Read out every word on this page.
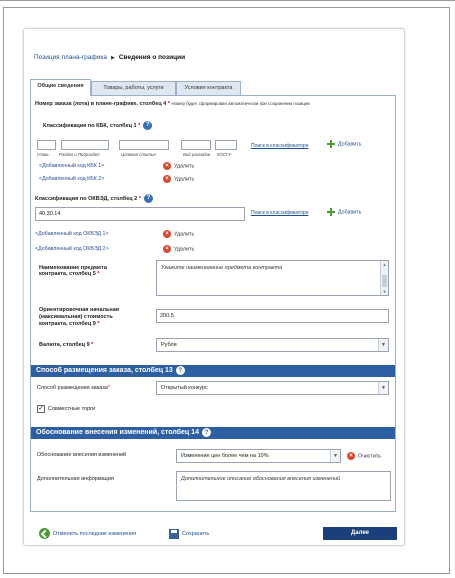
Позиция плана-графика ▶ Сведения о позиции
Общие сведения	Товары, работы, услуги	Условия контракта
Номер заказа (лота) в плане-графике, столбец 4 * Номер будет сформирован автоматически при сохранении позиции
Классификация по КБК, столбец 1 * ?
Глава Раздел и Подраздел	Целевая статья	Вид расходов КОСГУ
Поиск в классификаторе	Добавить
<Добавленный код КБК 1>	× Удалить
<Добавленный код КБК 2>	× Удалить
Классификация по ОКВЭД, столбец 2 * ?
40.30.14	Поиск в классификаторе	Добавить
<Добавленный код ОКВЭД 1>	× Удалить
<Добавленный код ОКВЭД 2>	× Удалить
Наименование предмета
контракта, столбец 5 *
Укажите наименование предмета контракта
▲
▼
Ориентировочная начальная
(максимальная) стоимость
контракта, столбец 9 *
200,5
Валюта, столбец 9 *	Рубли	▼
Способ размещения заказа, столбец 13 ?
Способ размещения заказа*	Открытый конкурс	▼
✓ Совместные торги
Обоснование внесения изменений, столбец 14 ?
Обоснование внесения изменений	Изменение цен более чем на 10%	▼	× Очистить
Дополнительная информация	Дополнительное описание обоснования внесения изменений
Отменить последние изменения	Сохранить	Далее
